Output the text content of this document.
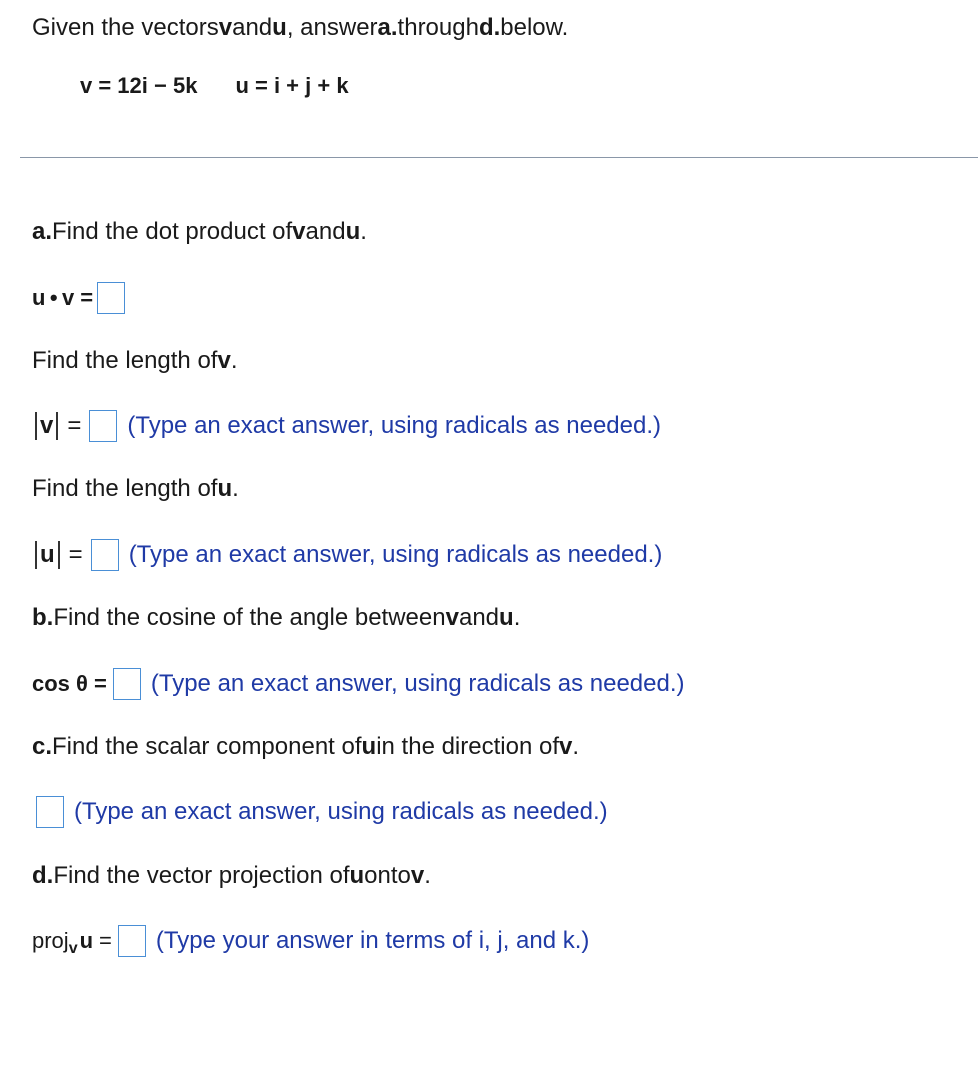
Given the vectors v and u , answer a. through d. below.
v = 12i − 5k u = i + j + k
a. Find the dot product of v and u .
u • v =
Find the length of v .
v = (Type an exact answer, using radicals as needed.)
Find the length of u .
u = (Type an exact answer, using radicals as needed.)
b. Find the cosine of the angle between v and u .
cos θ = (Type an exact answer, using radicals as needed.)
c. Find the scalar component of u in the direction of v .
(Type an exact answer, using radicals as needed.)
d. Find the vector projection of u onto v .
proj v u = (Type your answer in terms of i, j, and k.)
